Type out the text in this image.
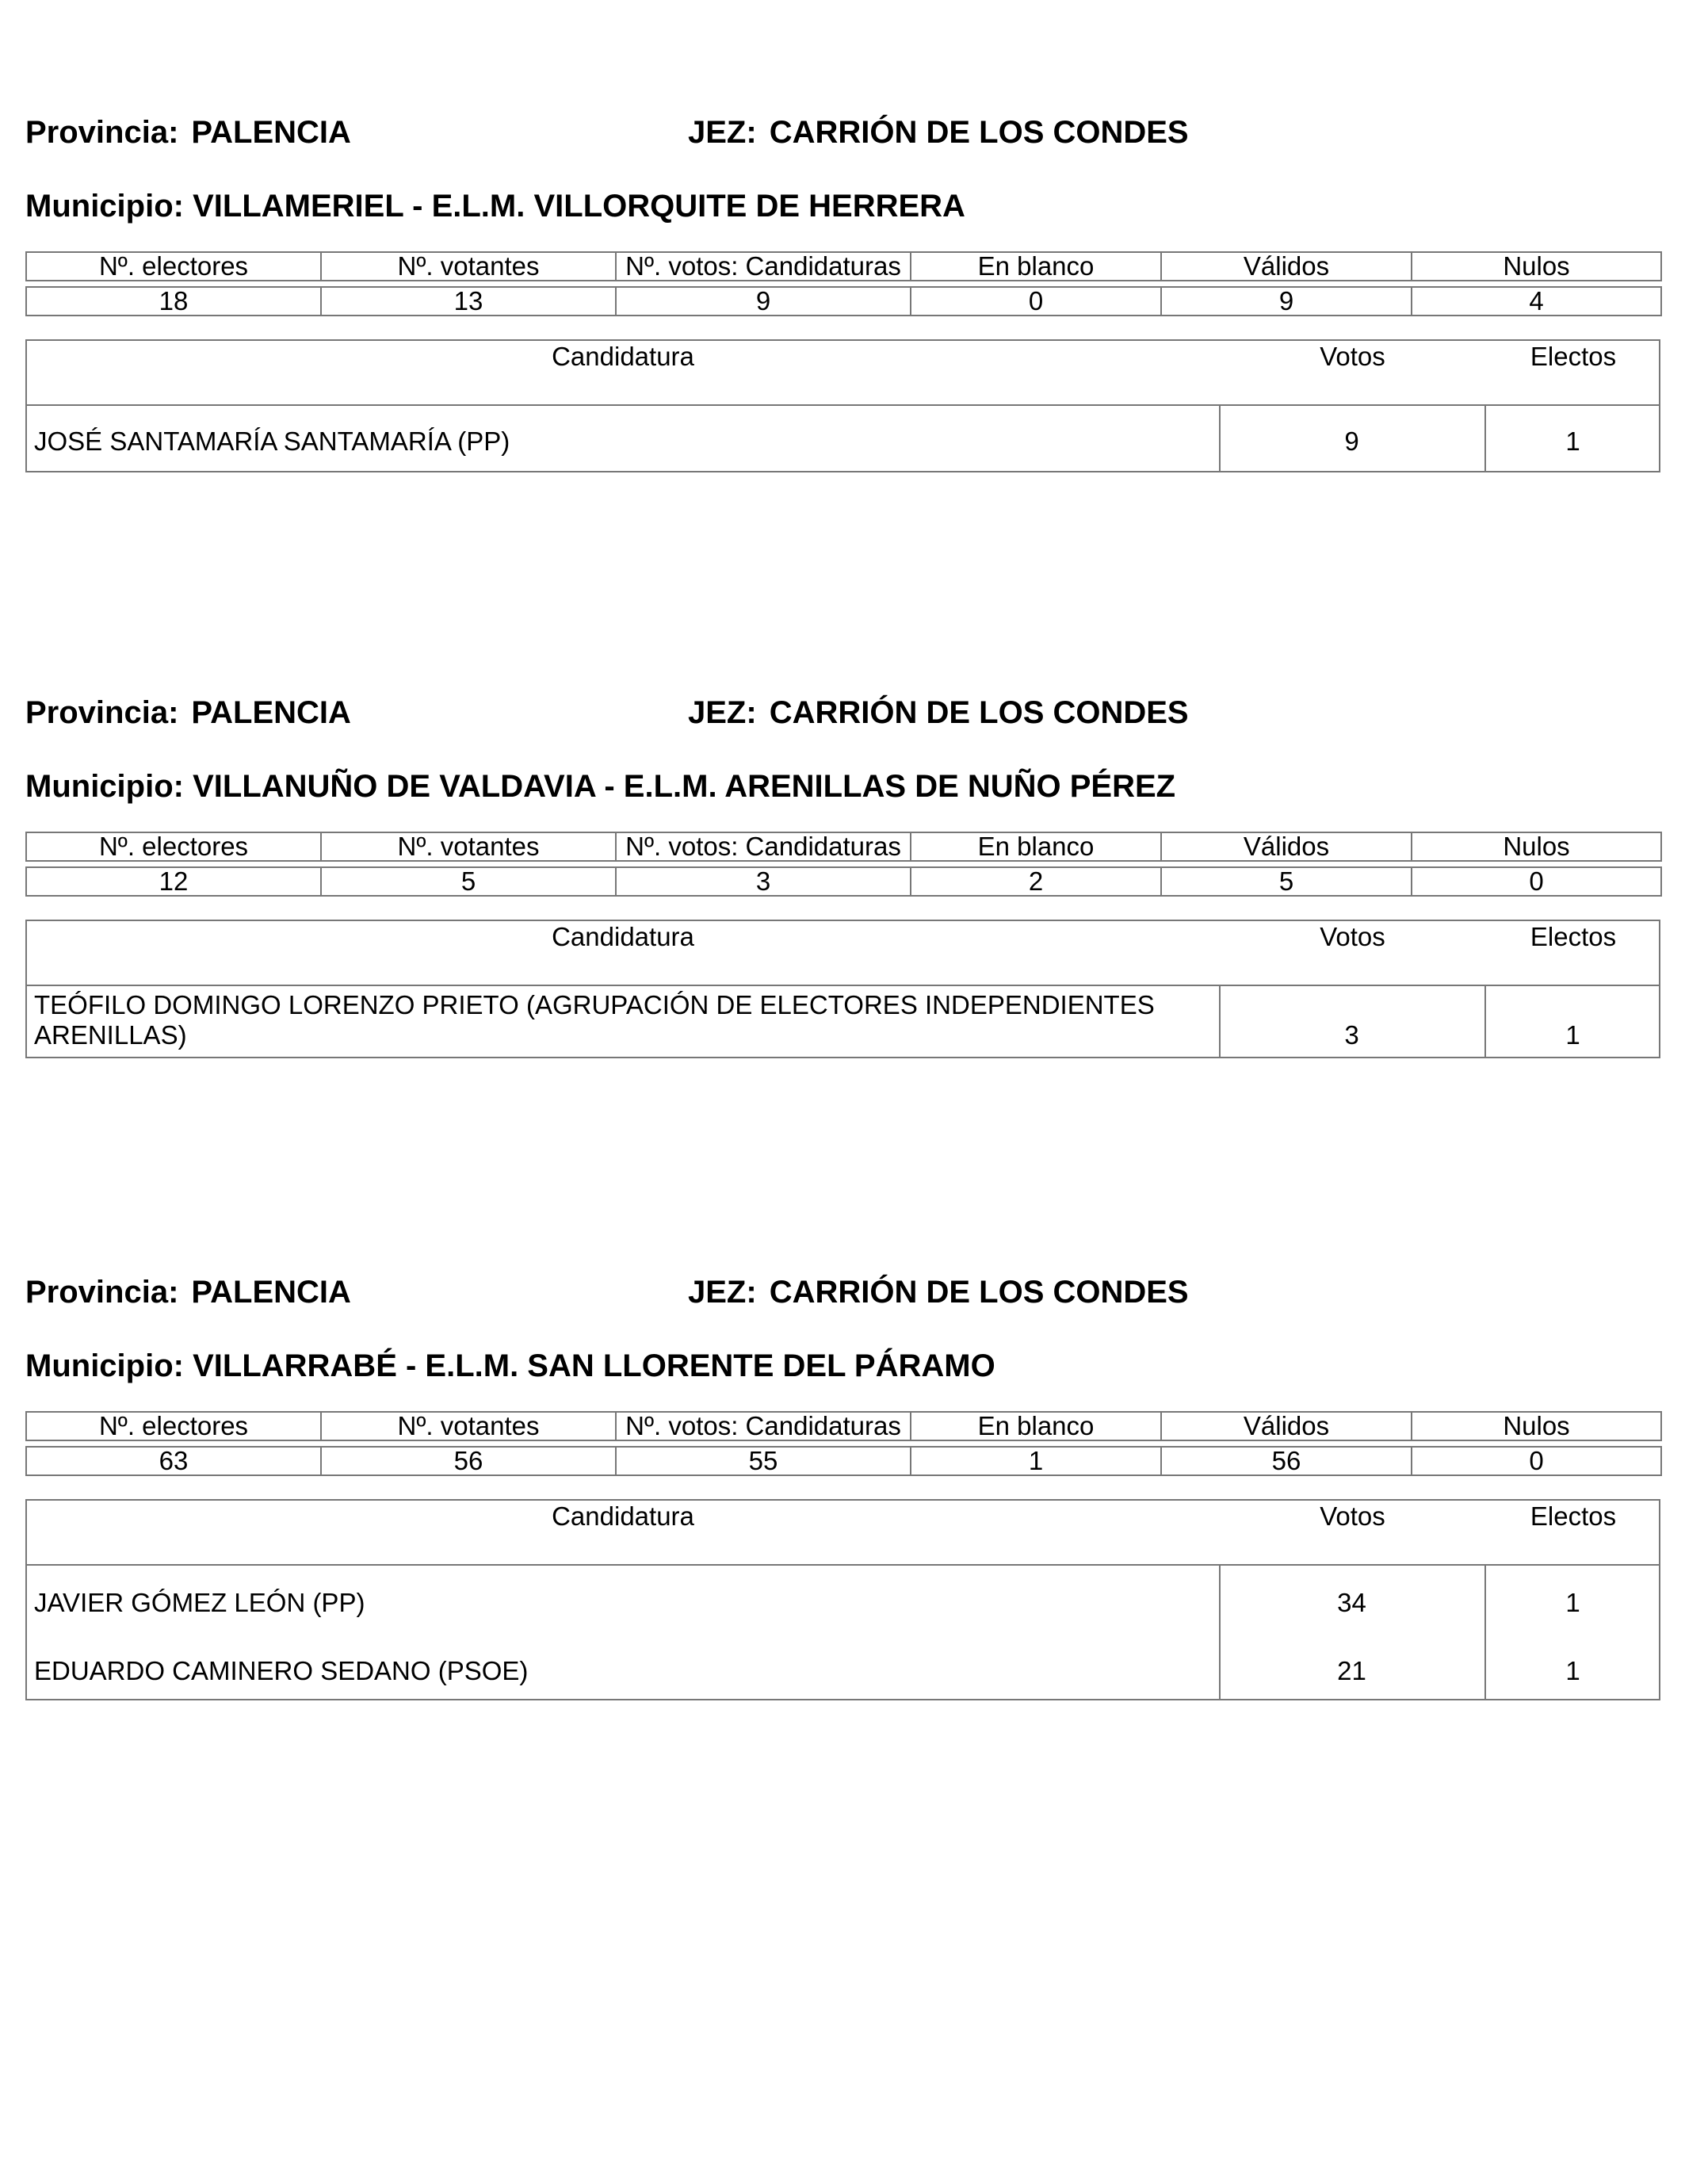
Provincia: PALENCIA	JEZ: CARRIÓN DE LOS CONDES
Municipio: VILLAMERIEL - E.L.M. VILLORQUITE DE HERRERA
Nº. electores	Nº. votantes	Nº. votos: Candidaturas	En blanco	Válidos	Nulos

18	13	9	0	9	4
Candidatura	Votos	Electos
JOSÉ SANTAMARÍA SANTAMARÍA (PP)	9	1
Provincia: PALENCIA	JEZ: CARRIÓN DE LOS CONDES
Municipio: VILLANUÑO DE VALDAVIA - E.L.M. ARENILLAS DE NUÑO PÉREZ
Nº. electores	Nº. votantes	Nº. votos: Candidaturas	En blanco	Válidos	Nulos

12	5	3	2	5	0
Candidatura	Votos	Electos
TEÓFILO DOMINGO LORENZO PRIETO (AGRUPACIÓN DE ELECTORES INDEPENDIENTES ARENILLAS)	3	1
Provincia: PALENCIA	JEZ: CARRIÓN DE LOS CONDES
Municipio: VILLARRABÉ - E.L.M. SAN LLORENTE DEL PÁRAMO
Nº. electores	Nº. votantes	Nº. votos: Candidaturas	En blanco	Válidos	Nulos

63	56	55	1	56	0
Candidatura	Votos	Electos
JAVIER GÓMEZ LEÓN (PP)	34	1
EDUARDO CAMINERO SEDANO (PSOE)	21	1
